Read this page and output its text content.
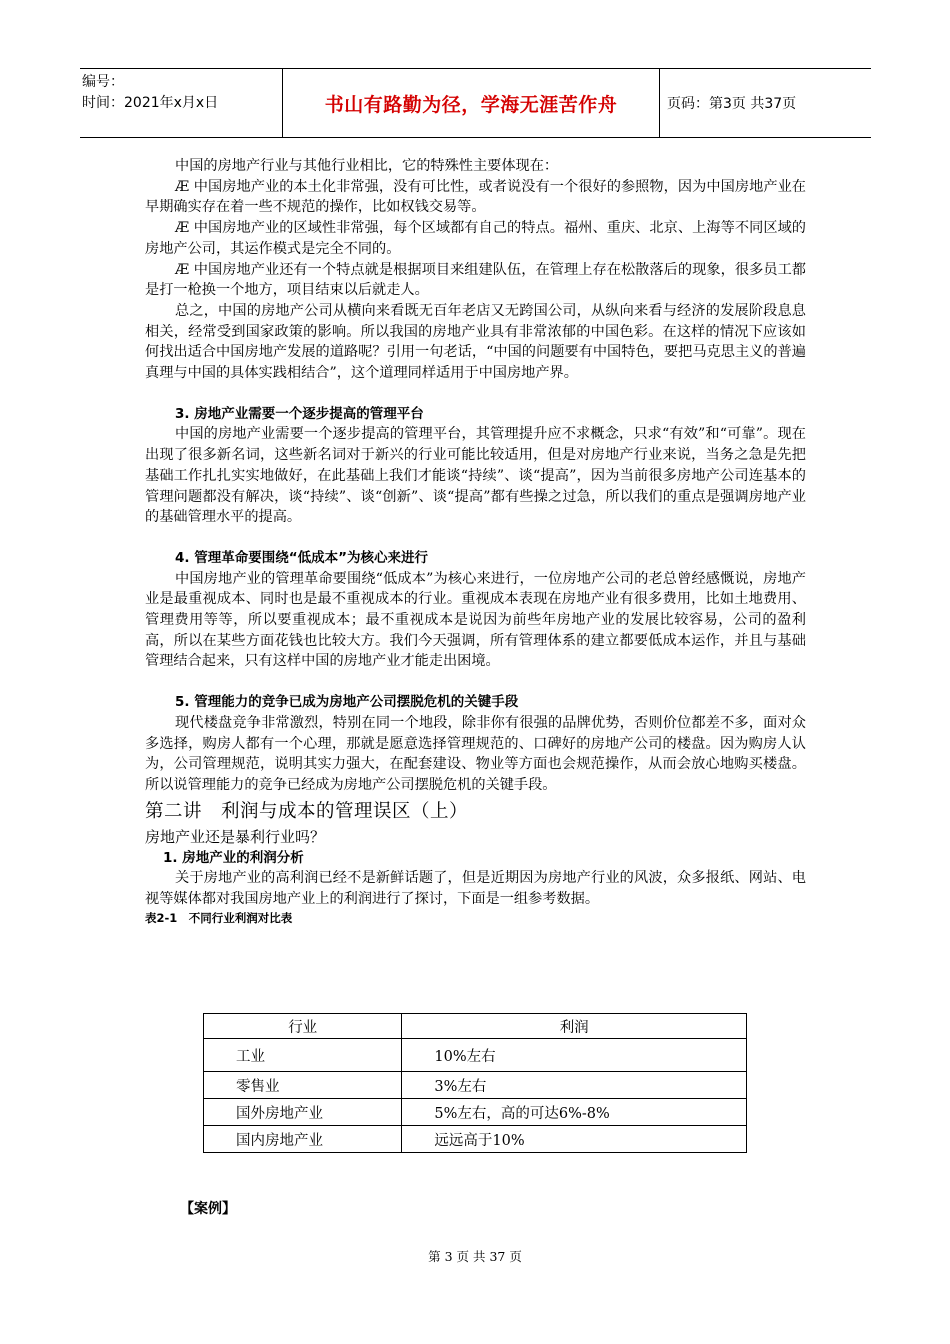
编号：
时间：2021年x月x日	书山有路勤为径，学海无涯苦作舟	页码：第3页 共37页

中国的房地产行业与其他行业相比，它的特殊性主要体现在：

Æ 中国房地产业的本土化非常强，没有可比性，或者说没有一个很好的参照物，因为中国房地产业在早期确实存在着一些不规范的操作，比如权钱交易等。

Æ 中国房地产业的区域性非常强，每个区域都有自己的特点。福州、重庆、北京、上海等不同区域的房地产公司，其运作模式是完全不同的。

Æ 中国房地产业还有一个特点就是根据项目来组建队伍，在管理上存在松散落后的现象，很多员工都是打一枪换一个地方，项目结束以后就走人。

总之，中国的房地产公司从横向来看既无百年老店又无跨国公司，从纵向来看与经济的发展阶段息息相关，经常受到国家政策的影响。所以我国的房地产业具有非常浓郁的中国色彩。在这样的情况下应该如何找出适合中国房地产发展的道路呢？引用一句老话，“中国的问题要有中国特色，要把马克思主义的普遍真理与中国的具体实践相结合”，这个道理同样适用于中国房地产界。

3. 房地产业需要一个逐步提高的管理平台

中国的房地产业需要一个逐步提高的管理平台，其管理提升应不求概念，只求“有效”和“可靠”。现在出现了很多新名词，这些新名词对于新兴的行业可能比较适用，但是对房地产行业来说，当务之急是先把基础工作扎扎实实地做好，在此基础上我们才能谈“持续”、谈“提高”，因为当前很多房地产公司连基本的管理问题都没有解决，谈“持续”、谈“创新”、谈“提高”都有些操之过急，所以我们的重点是强调房地产业的基础管理水平的提高。

4. 管理革命要围绕“低成本”为核心来进行

中国房地产业的管理革命要围绕“低成本”为核心来进行，一位房地产公司的老总曾经感慨说，房地产业是最重视成本、同时也是最不重视成本的行业。重视成本表现在房地产业有很多费用，比如土地费用、管理费用等等，所以要重视成本；最不重视成本是说因为前些年房地产业的发展比较容易，公司的盈利高，所以在某些方面花钱也比较大方。我们今天强调，所有管理体系的建立都要低成本运作，并且与基础管理结合起来，只有这样中国的房地产业才能走出困境。

5. 管理能力的竞争已成为房地产公司摆脱危机的关键手段

现代楼盘竞争非常激烈，特别在同一个地段，除非你有很强的品牌优势，否则价位都差不多，面对众多选择，购房人都有一个心理，那就是愿意选择管理规范的、口碑好的房地产公司的楼盘。因为购房人认为，公司管理规范，说明其实力强大，在配套建设、物业等方面也会规范操作，从而会放心地购买楼盘。所以说管理能力的竞争已经成为房地产公司摆脱危机的关键手段。

第二讲　利润与成本的管理误区（上）

房地产业还是暴利行业吗？

1. 房地产业的利润分析

关于房地产业的高利润已经不是新鲜话题了，但是近期因为房地产行业的风波，众多报纸、网站、电视等媒体都对我国房地产业上的利润进行了探讨，下面是一组参考数据。

表2-1　不同行业利润对比表

行业	利润
工业	10%左右
零售业	3%左右
国外房地产业	5%左右，高的可达6%-8%
国内房地产业	远远高于10%
【案例】
第 3 页 共 37 页
